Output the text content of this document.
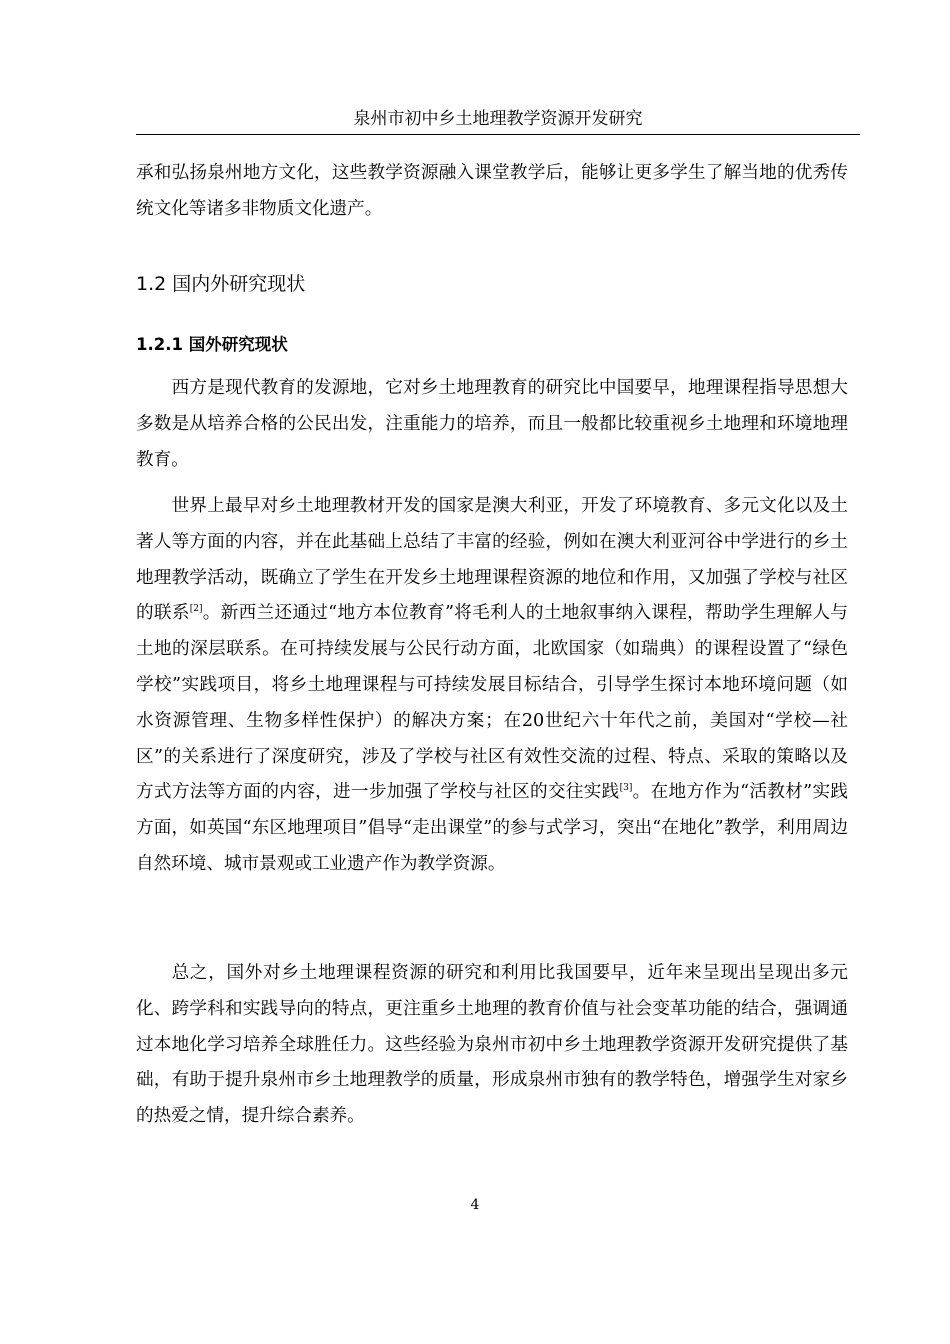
泉州市初中乡土地理教学资源开发研究

承和弘扬泉州地方文化，这些教学资源融入课堂教学后，能够让更多学生了解当地的优秀传统文化等诸多非物质文化遗产。

1.2 国内外研究现状
1.2.1 国外研究现状

西方是现代教育的发源地，它对乡土地理教育的研究比中国要早，地理课程指导思想大多数是从培养合格的公民出发，注重能力的培养，而且一般都比较重视乡土地理和环境地理教育。

世界上最早对乡土地理教材开发的国家是澳大利亚，开发了环境教育、多元文化以及土著人等方面的内容，并在此基础上总结了丰富的经验，例如在澳大利亚河谷中学进行的乡土地理教学活动，既确立了学生在开发乡土地理课程资源的地位和作用，又加强了学校与社区的联系[2]。新西兰还通过“地方本位教育”将毛利人的土地叙事纳入课程，帮助学生理解人与土地的深层联系。在可持续发展与公民行动方面，北欧国家（如瑞典）的课程设置了“绿色学校”实践项目，将乡土地理课程与可持续发展目标结合，引导学生探讨本地环境问题（如水资源管理、生物多样性保护）的解决方案；在20世纪六十年代之前，美国对“学校—社区”的关系进行了深度研究，涉及了学校与社区有效性交流的过程、特点、采取的策略以及方式方法等方面的内容，进一步加强了学校与社区的交往实践[3]。在地方作为“活教材”实践方面，如英国“东区地理项目”倡导“走出课堂”的参与式学习，突出“在地化”教学，利用周边自然环境、城市景观或工业遗产作为教学资源。

总之，国外对乡土地理课程资源的研究和利用比我国要早，近年来呈现出呈现出多元化、跨学科和实践导向的特点，更注重乡土地理的教育价值与社会变革功能的结合，强调通过本地化学习培养全球胜任力。这些经验为泉州市初中乡土地理教学资源开发研究提供了基础，有助于提升泉州市乡土地理教学的质量，形成泉州市独有的教学特色，增强学生对家乡的热爱之情，提升综合素养。

4
